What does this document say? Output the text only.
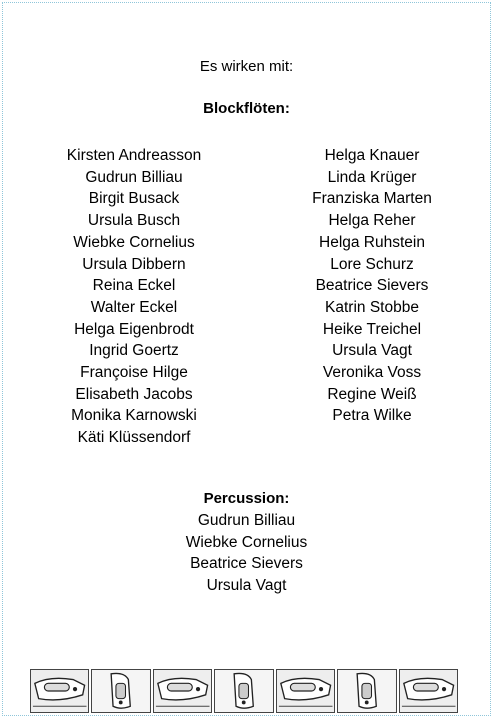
Es wirken mit:
Blockflöten:
Kirsten Andreasson
Gudrun Billiau
Birgit Busack
Ursula Busch
Wiebke Cornelius
Ursula Dibbern
Reina Eckel
Walter Eckel
Helga Eigenbrodt
Ingrid Goertz
Françoise Hilge
Elisabeth Jacobs
Monika Karnowski
Käti Klüssendorf
Helga Knauer
Linda Krüger
Franziska Marten
Helga Reher
Helga Ruhstein
Lore Schurz
Beatrice Sievers
Katrin Stobbe
Heike Treichel
Ursula Vagt
Veronika Voss
Regine Weiß
Petra Wilke
Percussion:
Gudrun Billiau
Wiebke Cornelius
Beatrice Sievers
Ursula Vagt
